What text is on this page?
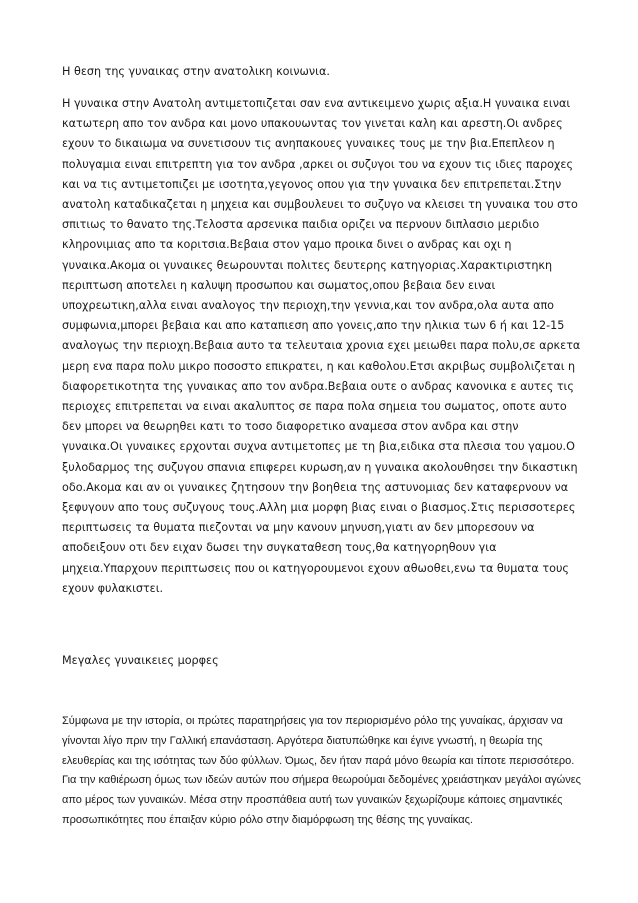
Η θεση της γυναικας στην ανατολικη κοινωνια.

Η γυναικα στην Ανατολη αντιμετοπιζεται σαν ενα αντικειμενο χωρις αξια.Η γυναικα ειναι κατωτερη απο τον ανδρα και μονο υπακουωντας τον γινεται καλη και αρεστη.Οι ανδρες εχουν το δικαιωμα να συνετισουν τις ανηπακουες γυναικες τους με την βια.Επεπλεον η πολυγαμια ειναι επιτρεπτη για τον ανδρα ,αρκει οι συζυγοι του να εχουν τις ιδιες παροχες και να τις αντιμετοπιζει με ισοτητα,γεγονος οπου για την γυναικα δεν επιτρεπεται.Στην ανατολη καταδικαζεται η μηχεια και συμβουλευει το συζυγο να κλεισει τη γυναικα του στο σπιτιως το θανατο της.Τελοστα αρσενικα παιδια οριζει να περνουν διπλασιο μεριδιο κληρονιμιας απο τα κοριτσια.Βεβαια στον γαμο προικα δινει ο ανδρας και οχι η γυναικα.Ακομα οι γυναικες θεωρουνται πολιτες δευτερης κατηγοριας.Χαρακτιριστηκη περιπτωση αποτελει η καλυψη προσωπου και σωματος,οπου βεβαια δεν ειναι υποχρεωτικη,αλλα ειναι αναλογος την περιοχη,την γεννια,και τον ανδρα,ολα αυτα απο συμφωνια,μπορει βεβαια και απο καταπιεση απο γονεις,απο την ηλικια των 6 ή και 12-15 αναλογως την περιοχη.Βεβαια αυτο τα τελευταια χρονια εχει μειωθει παρα πολυ,σε αρκετα μερη ενα παρα πολυ μικρο ποσοστο επικρατει, η και καθολου.Ετσι ακριβως συμβολιζεται η διαφορετικοτητα της γυναικας απο τον ανδρα.Βεβαια ουτε ο ανδρας κανονικα ε αυτες τις περιοχες επιτρεπεται να ειναι ακαλυπτος σε παρα πολα σημεια του σωματος, οποτε αυτο δεν μπορει να θεωρηθει κατι το τοσο διαφορετικο αναμεσα στον ανδρα και στην γυναικα.Οι γυναικες ερχονται συχνα αντιμετοπες με τη βια,ειδικα στα πλεσια του γαμου.Ο ξυλοδαρμος της συζυγου σπανια επιφερει κυρωση,αν η γυναικα ακολουθησει την δικαστικη οδο.Ακομα και αν οι γυναικες ζητησουν την βοηθεια της αστυνομιας δεν καταφερνουν να ξεφυγουν απο τους συζυγους τους.Αλλη μια μορφη βιας ειναι ο βιασμος.Στις περισσοτερες περιπτωσεις τα θυματα πιεζονται να μην κανουν μηνυση,γιατι αν δεν μπορεσουν να αποδειξουν οτι δεν ειχαν δωσει την συγκαταθεση τους,θα κατηγορηθουν για μηχεια.Υπαρχουν περιπτωσεις που οι κατηγορουμενοι εχουν αθωοθει,ενω τα θυματα τους εχουν φυλακιστει.

Μεγαλες γυναικειες μορφες

Σύμφωνα με την ιστορία, οι πρώτες παρατηρήσεις για τον περιορισμένο ρόλο της γυναίκας, άρχισαν να γίνονται λίγο πριν την Γαλλική επανάσταση. Αργότερα διατυπώθηκε και έγινε γνωστή, η θεωρία της ελευθερίας και της ισότητας των δύο φύλλων. Όμως, δεν ήταν παρά μόνο θεωρία και τίποτε περισσότερο. Για την καθιέρωση όμως των ιδεών αυτών που σήμερα θεωρούμαι δεδομένες χρειάστηκαν μεγάλοι αγώνες απο μέρος των γυναικών. Μέσα στην προσπάθεια αυτή των γυναικών ξεχωρίζουμε κάποιες σημαντικές προσωπικότητες που έπαιξαν κύριο ρόλο στην διαμόρφωση της θέσης της γυναίκας.
